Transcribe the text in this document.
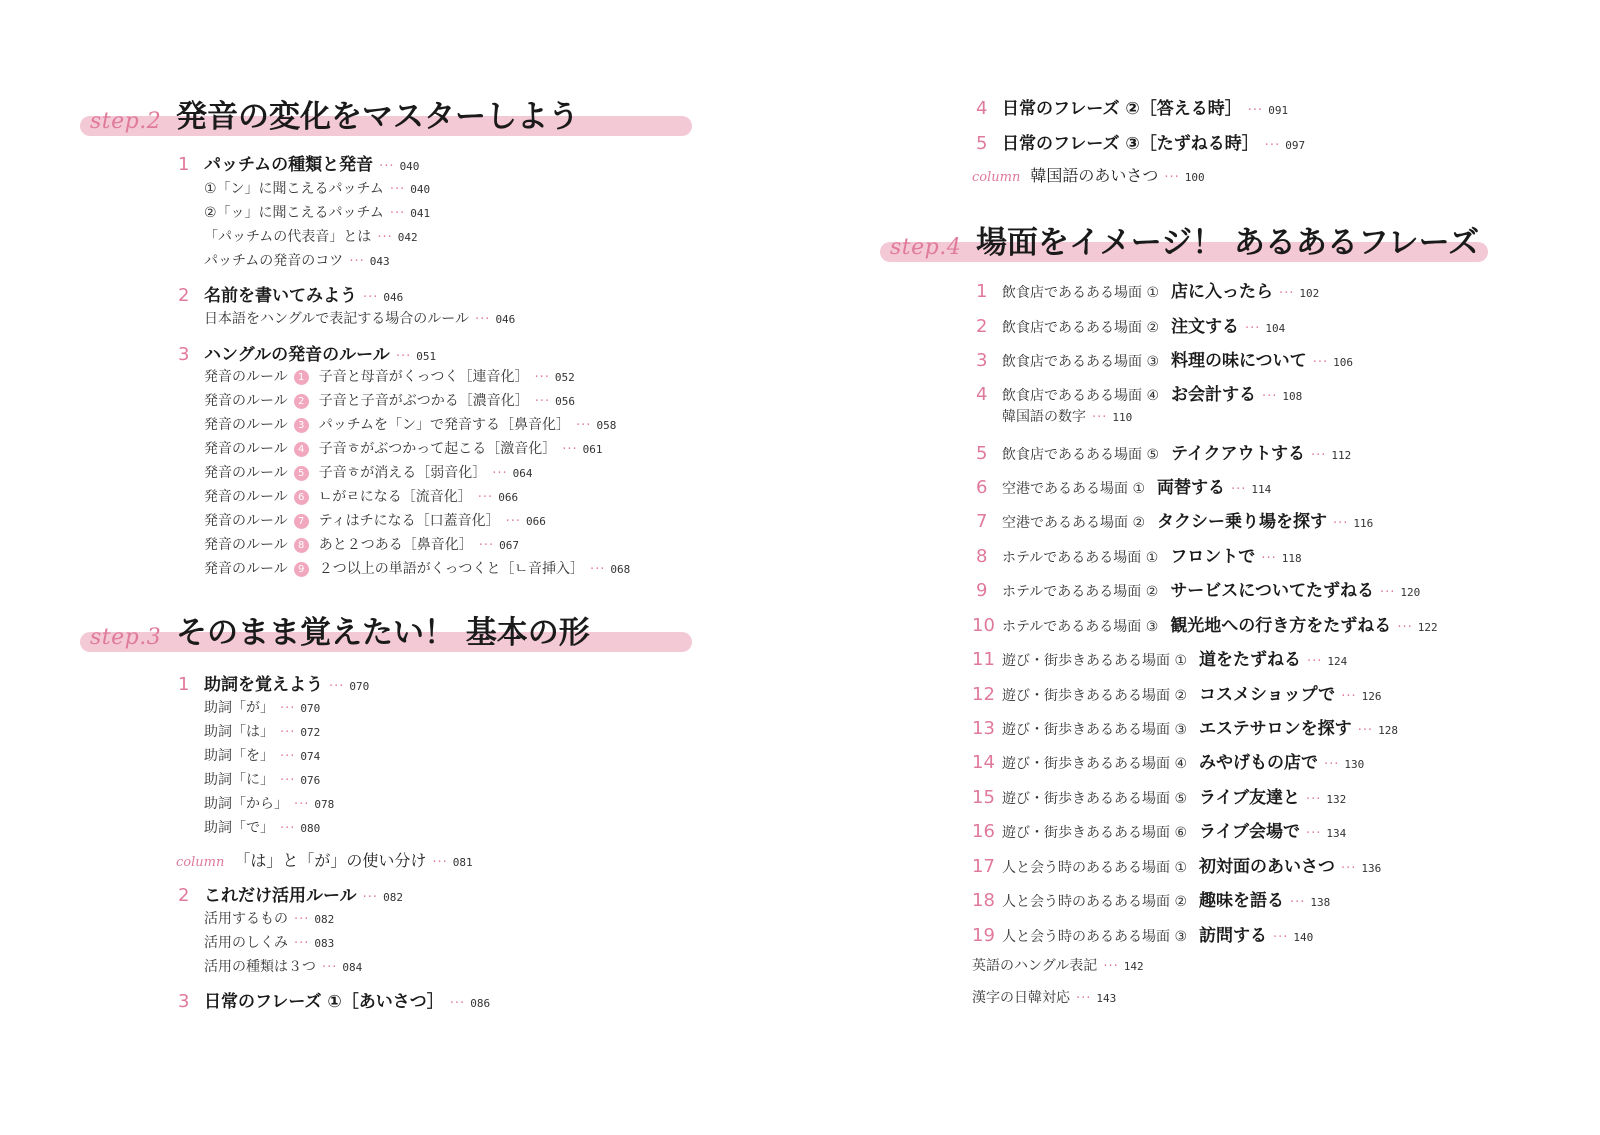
step.2 発音の変化をマスターしよう
1 パッチムの種類と発音 ··· 040
①「ン」に聞こえるパッチム ··· 040
②「ッ」に聞こえるパッチム ··· 041
「パッチムの代表音」とは ··· 042
パッチムの発音のコツ ··· 043
2 名前を書いてみよう ··· 046
日本語をハングルで表記する場合のルール ··· 046
3 ハングルの発音のルール ··· 051
発音のルール	1	子音と母音がくっつく［連音化］ ··· 052
発音のルール	2	子音と子音がぶつかる［濃音化］ ··· 056
発音のルール	3	パッチムを「ン」で発音する［鼻音化］ ··· 058
発音のルール	4	子音ㅎがぶつかって起こる［激音化］ ··· 061
発音のルール	5	子音ㅎが消える［弱音化］ ··· 064
発音のルール	6	ㄴがㄹになる［流音化］ ··· 066
発音のルール	7	ティはチになる［口蓋音化］ ··· 066
発音のルール	8	あと２つある［鼻音化］ ··· 067
発音のルール	9	２つ以上の単語がくっつくと［ㄴ音挿入］ ··· 068
step.3 そのまま覚えたい！ 基本の形
1 助詞を覚えよう ··· 070
助詞「が」 ··· 070
助詞「は」 ··· 072
助詞「を」 ··· 074
助詞「に」 ··· 076
助詞「から」 ··· 078
助詞「で」 ··· 080
column 「は」と「が」の使い分け ··· 081
2 これだけ活用ルール ··· 082
活用するもの ··· 082
活用のしくみ ··· 083
活用の種類は３つ ··· 084
3 日常のフレーズ ①［あいさつ］ ··· 086
4 日常のフレーズ ②［答える時］ ··· 091
5 日常のフレーズ ③［たずねる時］ ··· 097
column 韓国語のあいさつ ··· 100
step.4 場面をイメージ！ あるあるフレーズ
1	飲食店であるある場面 ① 店に入ったら ··· 102
2	飲食店であるある場面 ② 注文する ··· 104
3	飲食店であるある場面 ③ 料理の味について ··· 106
4	飲食店であるある場面 ④ お会計する ··· 108
韓国語の数字 ··· 110
5	飲食店であるある場面 ⑤ テイクアウトする ··· 112
6	空港であるある場面 ① 両替する ··· 114
7	空港であるある場面 ② タクシー乗り場を探す ··· 116
8	ホテルであるある場面 ① フロントで ··· 118
9	ホテルであるある場面 ② サービスについてたずねる ··· 120
10 ホテルであるある場面 ③ 観光地への行き方をたずねる ··· 122
11 遊び・街歩きあるある場面 ① 道をたずねる ··· 124
12 遊び・街歩きあるある場面 ② コスメショップで ··· 126
13 遊び・街歩きあるある場面 ③ エステサロンを探す ··· 128
14 遊び・街歩きあるある場面 ④ みやげもの店で ··· 130
15 遊び・街歩きあるある場面 ⑤ ライブ友達と ··· 132
16 遊び・街歩きあるある場面 ⑥ ライブ会場で ··· 134
17 人と会う時のあるある場面 ① 初対面のあいさつ ··· 136
18 人と会う時のあるある場面 ② 趣味を語る ··· 138
19 人と会う時のあるある場面 ③ 訪問する ··· 140
英語のハングル表記 ··· 142
漢字の日韓対応 ··· 143
